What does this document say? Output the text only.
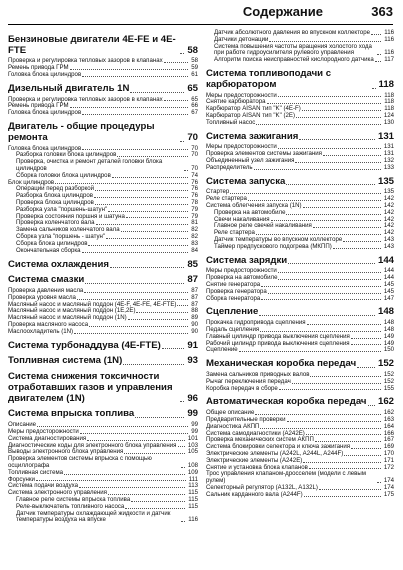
Содержание	363
Бензиновые двигатели 4E-FE и 4E-FTE	58
Проверка и регулировка тепловых зазоров в клапанах	58
Ремень привода ГРМ	59
Головка блока цилиндров	61
Дизельный двигатель 1N	65
Проверка и регулировка тепловых зазоров в клапанах	65
Ремень привода ГРМ	66
Головка блока цилиндров	67
Двигатель - общие процедуры ремонта	70
Головка блока цилиндров	70
Разборка головки блока цилиндров	70
Проверка, очистка и ремонт деталей головки блока цилиндров	70
Сборка головки блока цилиндров	74
Блок цилиндров	76
Операции перед разборкой	76
Разборка блока цилиндров	76
Проверка блока цилиндров	78
Разборка узла "поршень-шатун"	79
Проверка состояния поршня и шатуна	79
Проверка коленчатого вала	81
Замена сальников коленчатого вала	82
Сборка узла "поршень - шатун"	82
Сборка блока цилиндров	83
Окончательная сборка	84
Система охлаждения	85
Система смазки	87
Проверка давления масла	87
Проверка уровня масла	87
Масляный насос и масляный поддон (4E-F, 4E-FE, 4E-FTE)	87
Масляный насос и масляный поддон (1E,2E)	88
Масляный насос и масляный поддон (1N)	89
Проверка масляного насоса	90
Маслоохладитель (1N)	90
Система турбонаддува (4E-FTE)	91
Топливная система (1N)	93
Система снижения токсичности отработавших газов и управления двигателем (1N)	96
Система впрыска топлива	99
Описание	99
Меры предосторожности	99
Система диагностирования	101
Диагностические коды для электронного блока управления	103
Выводы электронного блока управления	105
Проверка элементов системы впрыска с помощью осциллографа	108
Топливная система	109
Форсунки	111
Система подачи воздуха	113
Система электронного управления	115
Главное реле системы впрыска топлива	115
Реле-выключатель топливного насоса	115
Датчик температуры охлаждающей жидкости и датчик температуры воздуха на впуске	116
Датчик абсолютного давления во впускном коллекторе	116
Датчики детонации	116
Система повышения частоты вращения холостого хода при работе гидроусилителя рулевого управления	116
Алгоритм поиска неисправностей кислородного датчика	117
Система топливоподачи с карбюратором	118
Меры предосторожности	118
Снятие карбюратора	118
Карбюратор AISAN тип "K" (4E-F)	118
Карбюратор AISAN тип "K" (2E)	124
Топливный насос	130
Система зажигания	131
Меры предосторожности	131
Проверка элементов системы зажигания	131
Объединенный узел зажигания	132
Распределитель	133
Система запуска	135
Стартер	135
Реле стартера	142
Система облегчения запуска (1N)	142
Проверка на автомобиле	142
Свечи накаливания	142
Главное реле свечей накаливания	142
Реле стартера	142
Датчик температуры во впускном коллекторе	143
Таймер предпускового подогрева (МКПП)	143
Система зарядки	144
Меры предосторожности	144
Проверка на автомобиле	144
Снятие генератора	145
Проверка генератора	145
Сборка генератора	147
Сцепление	148
Прокачка гидропривода сцепления	148
Педаль сцепления	148
Главный цилиндр привода выключения сцепления	149
Рабочий цилиндр привода выключения сцепления	149
Сцепление	150
Механическая коробка передач 152
Замена сальников приводных валов	152
Рычаг переключения передач	152
Коробка передач в сборе	155
Автоматическая коробка передач 162
Общее описание	162
Предварительные проверки	163
Диагностика АКПП	164
Система самодиагностики (A242E)	166
Проверка механических систем АКПП	167
Система блокировки селектора и ключа зажигания	169
Электрические элементы (A242L, A244L, A244F)	170
Электрические элементы (A242E)	171
Снятие и установка блока клапанов	172
Трос управления клапаном-дросселем (модели с левым рулем)	174
Селекторный регулятор (A132L, A132L)	174
Сальник карданного вала (A244F)	175
